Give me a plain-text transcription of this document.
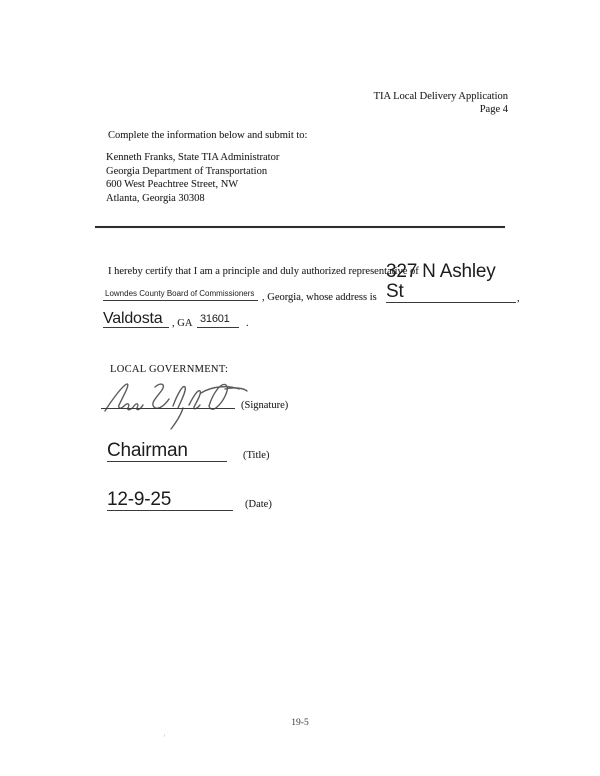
TIA Local Delivery Application
Page 4
Complete the information below and submit to:
Kenneth Franks, State TIA Administrator
Georgia Department of Transportation
600 West Peachtree Street, NW
Atlanta, Georgia 30308
I hereby certify that I am a principle and duly authorized representative of
Lowndes County Board of Commissioners , Georgia, whose address is
327 N Ashley St	,
Valdosta , GA 31601 .
LOCAL GOVERNMENT:
(Signature)
Chairman	(Title)
12-9-25	(Date)
19-5
’
